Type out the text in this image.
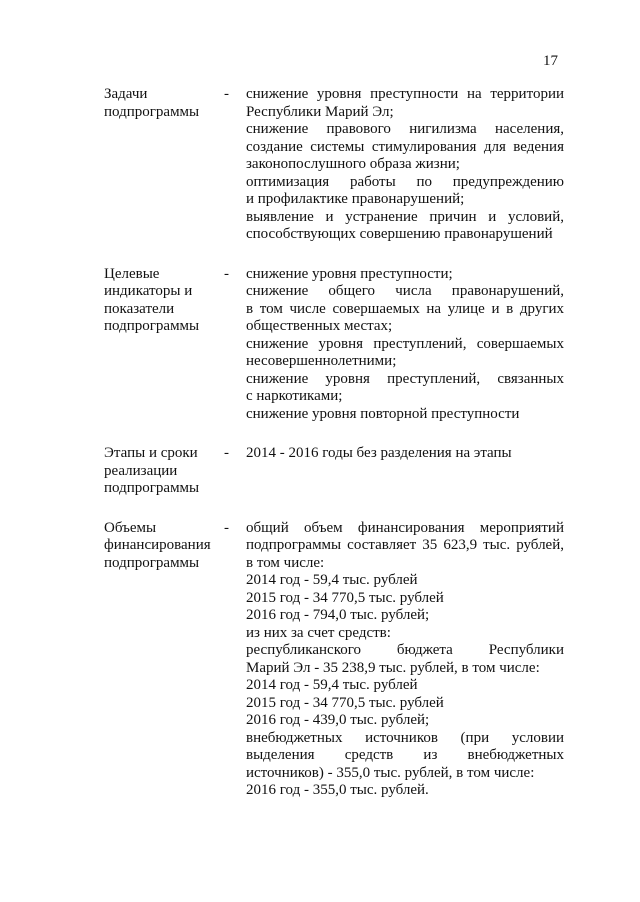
17
Задачи
подпрограммы
-	снижение уровня преступности на территории
Республики Марий Эл;
снижение правового нигилизма населения,
создание системы стимулирования для ведения
законопослушного образа жизни;
оптимизация работы по предупреждению
и профилактике правонарушений;
выявление и устранение причин и условий,
способствующих совершению правонарушений
Целевые
индикаторы и
показатели
подпрограммы
-	снижение уровня преступности;
снижение общего числа правонарушений,
в том числе совершаемых на улице и в других
общественных местах;
снижение уровня преступлений, совершаемых
несовершеннолетними;
снижение уровня преступлений, связанных
с наркотиками;
снижение уровня повторной преступности
Этапы и сроки
реализации
подпрограммы
-	2014 - 2016 годы без разделения на этапы
Объемы
финансирования
подпрограммы
-	общий объем финансирования мероприятий
подпрограммы составляет 35 623,9 тыс. рублей,
в том числе:
2014 год - 59,4 тыс. рублей
2015 год - 34 770,5 тыс. рублей
2016 год - 794,0 тыс. рублей;
из них за счет средств:
республиканского бюджета Республики
Марий Эл - 35 238,9 тыс. рублей, в том числе:
2014 год - 59,4 тыс. рублей
2015 год - 34 770,5 тыс. рублей
2016 год - 439,0 тыс. рублей;
внебюджетных источников (при условии
выделения средств из внебюджетных
источников) - 355,0 тыс. рублей, в том числе:
2016 год - 355,0 тыс. рублей.
